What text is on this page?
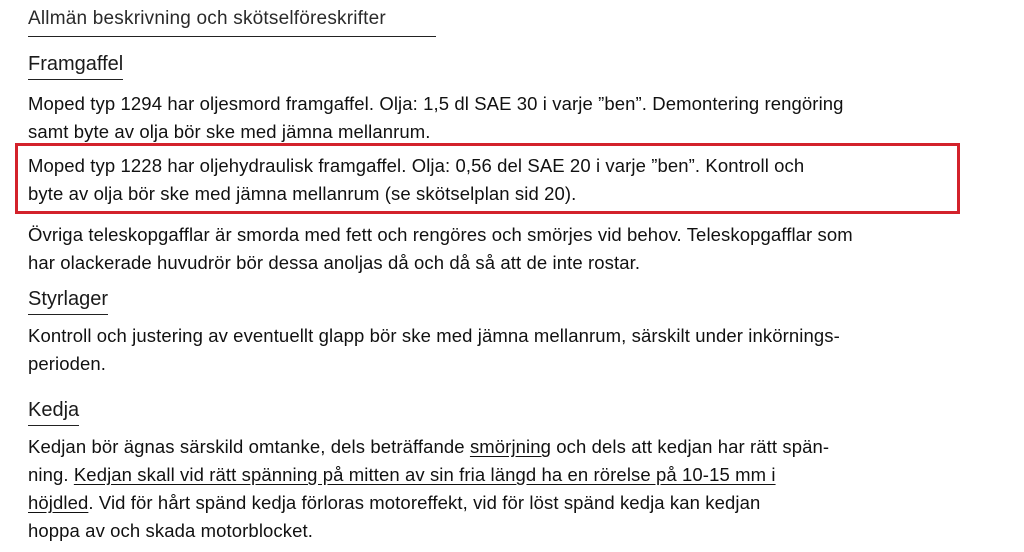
Allmän beskrivning och skötselföreskrifter
Framgaffel

Moped typ 1294 har oljesmord framgaffel. Olja: 1,5 dl SAE 30 i varje ”ben”. Demontering rengöring
samt byte av olja bör ske med jämna mellanrum.

Moped typ 1228 har oljehydraulisk framgaffel. Olja: 0,56 del SAE 20 i varje ”ben”. Kontroll och
byte av olja bör ske med jämna mellanrum (se skötselplan sid 20).

Övriga teleskopgafflar är smorda med fett och rengöres och smörjes vid behov. Teleskopgafflar som
har olackerade huvudrör bör dessa anoljas då och då så att de inte rostar.

Styrlager

Kontroll och justering av eventuellt glapp bör ske med jämna mellanrum, särskilt under inkörnings-
perioden.

Kedja

Kedjan bör ägnas särskild omtanke, dels beträffande smörjning och dels att kedjan har rätt spän-
ning. Kedjan skall vid rätt spänning på mitten av sin fria längd ha en rörelse på 10-15 mm i
höjdled. Vid för hårt spänd kedja förloras motoreffekt, vid för löst spänd kedja kan kedjan
hoppa av och skada motorblocket.
